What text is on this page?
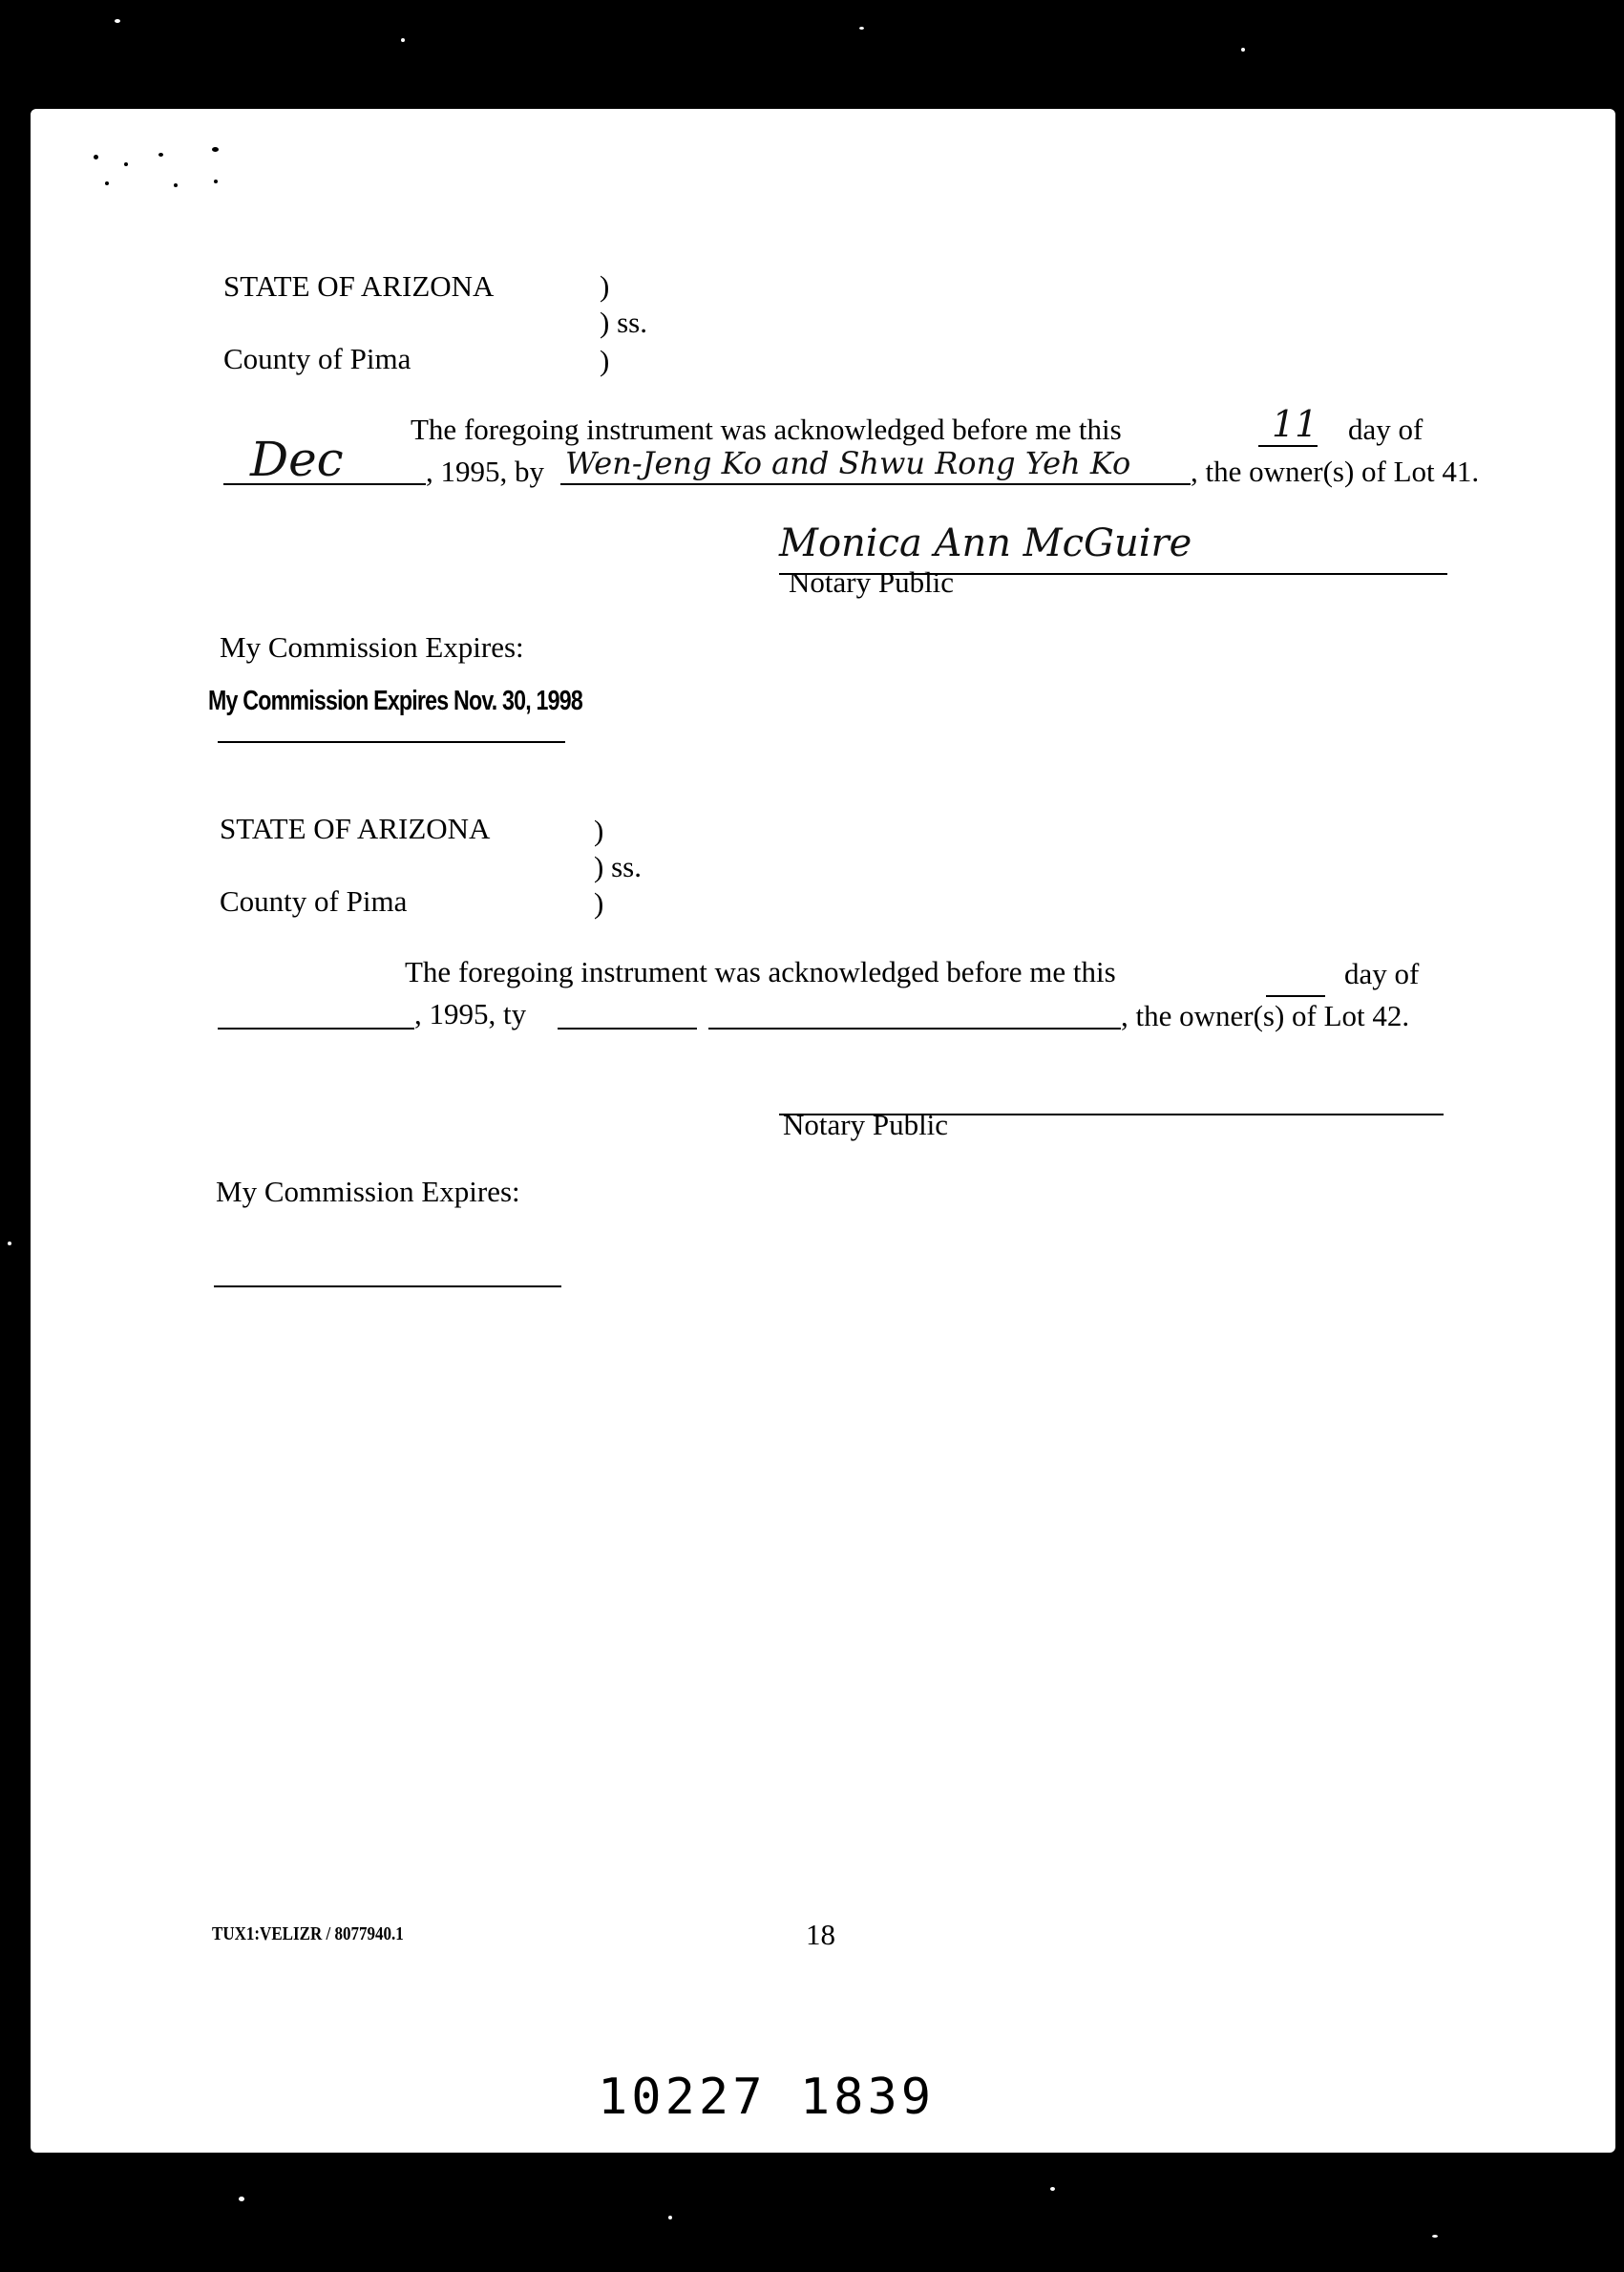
STATE OF ARIZONA	)
) ss.
County of Pima	)
The foregoing instrument was acknowledged before me this	11 day of
Dec	, 1995, by Wen-Jeng Ko and Shwu Rong Yeh Ko , the owner(s) of Lot 41.
Monica Ann McGuire
Notary Public
My Commission Expires:
My Commission Expires Nov. 30, 1998
STATE OF ARIZONA	)
) ss.
County of Pima	)
The foregoing instrument was acknowledged before me this	day of
, 1995, ty	, the owner(s) of Lot 42.
Notary Public
My Commission Expires:
TUX1:VELIZR / 8077940.1	18
10227 1839
